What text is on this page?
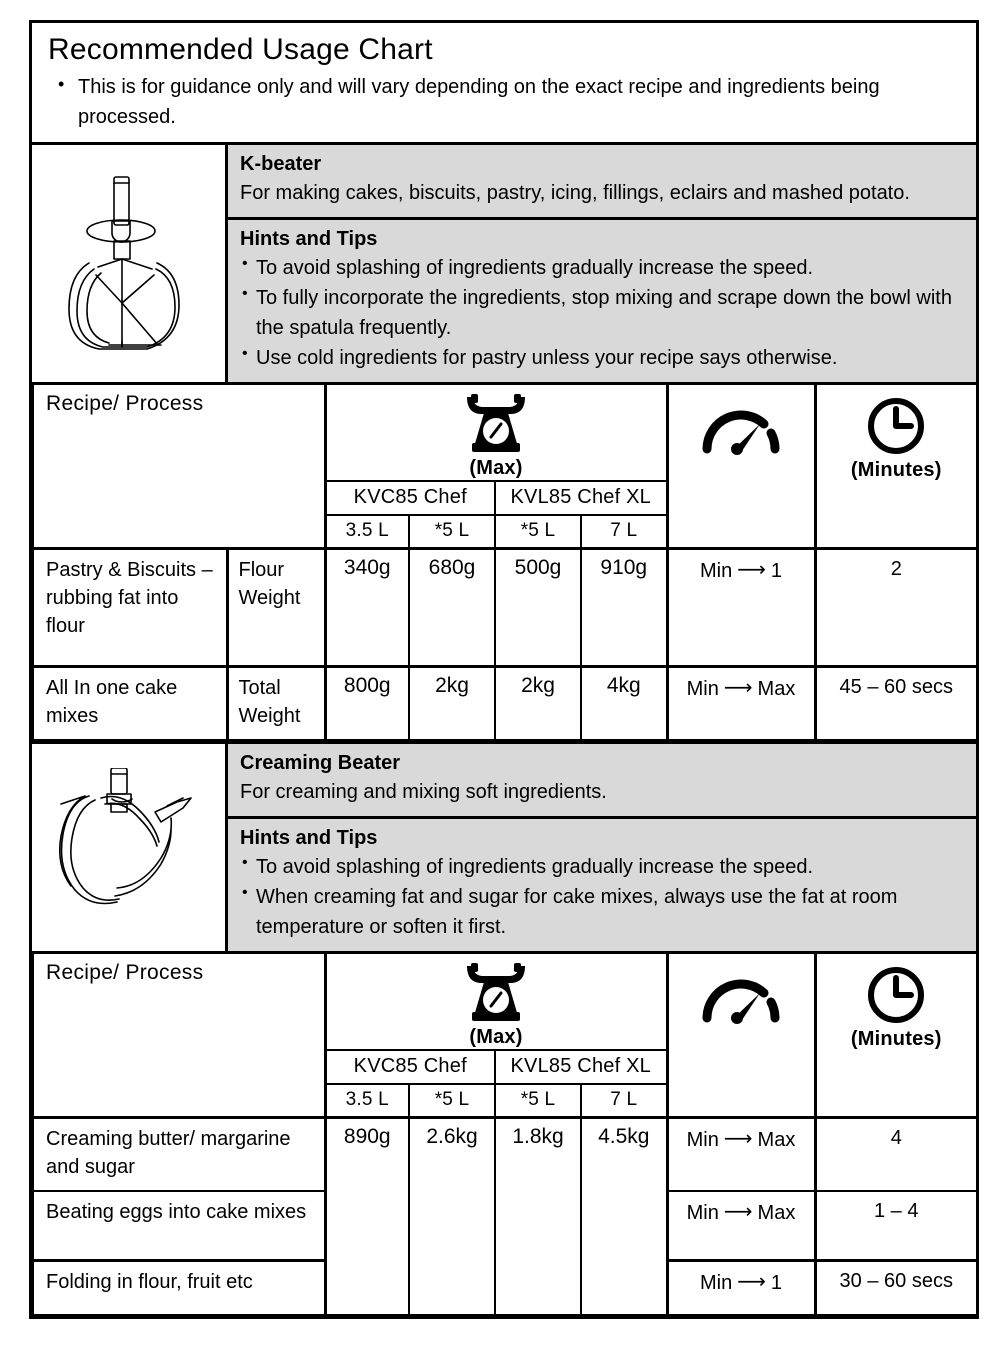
Recommended Usage Chart
• This is for guidance only and will vary depending on the exact recipe and ingredients being processed.
K-beater

For making cakes, biscuits, pastry, icing, fillings, eclairs and mashed potato.

Hints and Tips
• To avoid splashing of ingredients gradually increase the speed.
• To fully incorporate the ingredients, stop mixing and scrape down the bowl with the spatula frequently.
• Use cold ingredients for pastry unless your recipe says otherwise.
Recipe/ Process		(Max)					(Minutes)

		KVC85 Chef		KVL85 Chef XL			
		3.5 L	*5 L	*5 L	7 L		
Pastry & Biscuits – rubbing fat into flour	Flour Weight	340g	680g	500g	910g	Min ⟶ 1	2
All In one cake mixes	Total Weight	800g	2kg	2kg	4kg	Min ⟶ Max	45 – 60 secs
Creaming Beater

For creaming and mixing soft ingredients.

Hints and Tips
• To avoid splashing of ingredients gradually increase the speed.
• When creaming fat and sugar for cake mixes, always use the fat at room temperature or soften it first.
Recipe/ Process	(Max)					(Minutes)

	KVC85 Chef		KVL85 Chef XL			
	3.5 L	*5 L	*5 L	7 L		
Creaming butter/ margarine and sugar	890g	2.6kg	1.8kg	4.5kg	Min ⟶ Max	4
Beating eggs into cake mixes					Min ⟶ Max	1 – 4
Folding in flour, fruit etc					Min ⟶ 1	30 – 60 secs
